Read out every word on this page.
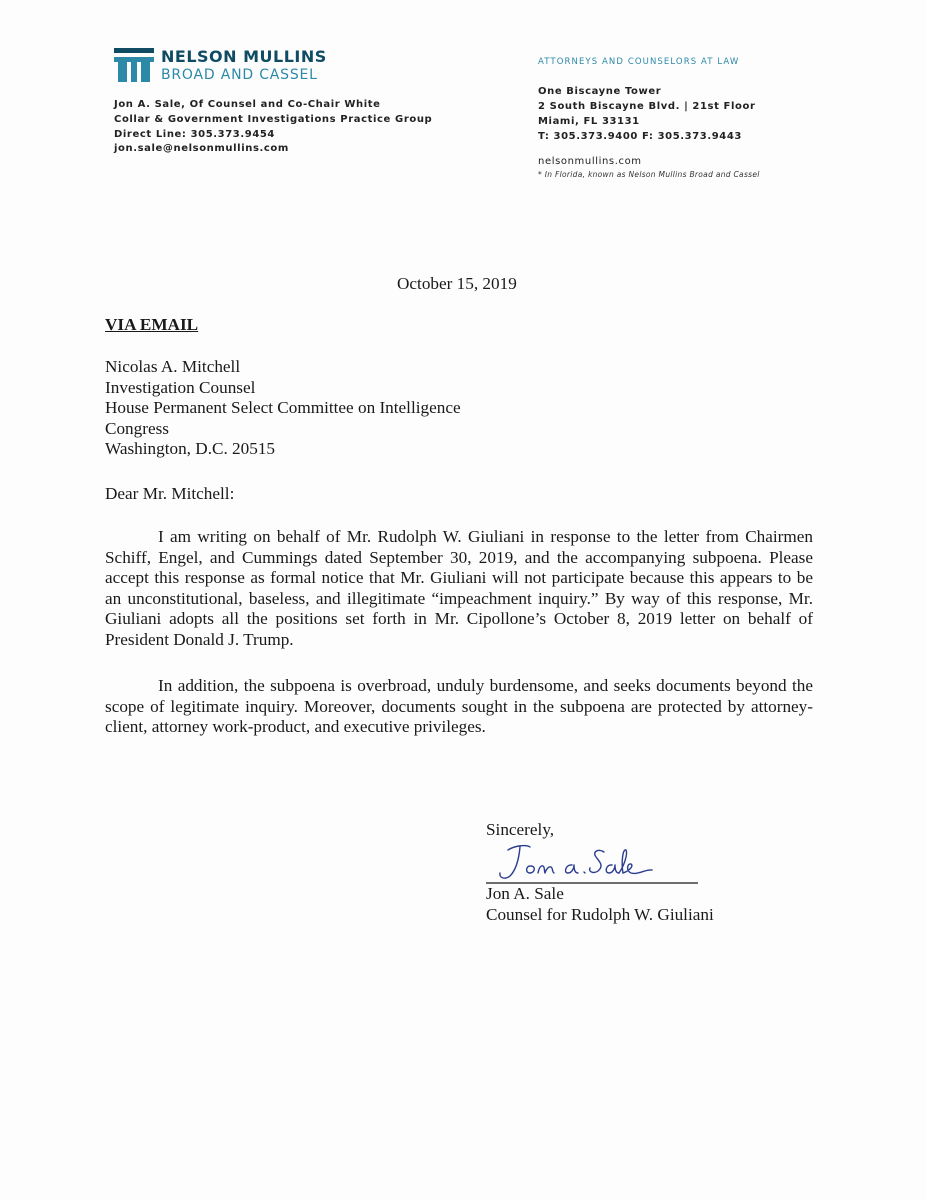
NELSON MULLINS
BROAD AND CASSEL
Jon A. Sale, Of Counsel and Co-Chair White
Collar & Government Investigations Practice Group
Direct Line: 305.373.9454
jon.sale@nelsonmullins.com
ATTORNEYS AND COUNSELORS AT LAW
One Biscayne Tower
2 South Biscayne Blvd. | 21st Floor
Miami, FL 33131
T: 305.373.9400 F: 305.373.9443
nelsonmullins.com
* In Florida, known as Nelson Mullins Broad and Cassel
October 15, 2019
VIA EMAIL
Nicolas A. Mitchell
Investigation Counsel
House Permanent Select Committee on Intelligence
Congress
Washington, D.C. 20515
Dear Mr. Mitchell:
I am writing on behalf of Mr. Rudolph W. Giuliani in response to the letter from Chairmen Schiff, Engel, and Cummings dated September 30, 2019, and the accompanying subpoena. Please accept this response as formal notice that Mr. Giuliani will not participate because this appears to be an unconstitutional, baseless, and illegitimate “impeachment inquiry.” By way of this response, Mr. Giuliani adopts all the positions set forth in Mr. Cipollone’s October 8, 2019 letter on behalf of President Donald J. Trump.
In addition, the subpoena is overbroad, unduly burdensome, and seeks documents beyond the scope of legitimate inquiry. Moreover, documents sought in the subpoena are protected by attorney-client, attorney work-product, and executive privileges.
Sincerely,
Jon A. Sale
Counsel for Rudolph W. Giuliani
